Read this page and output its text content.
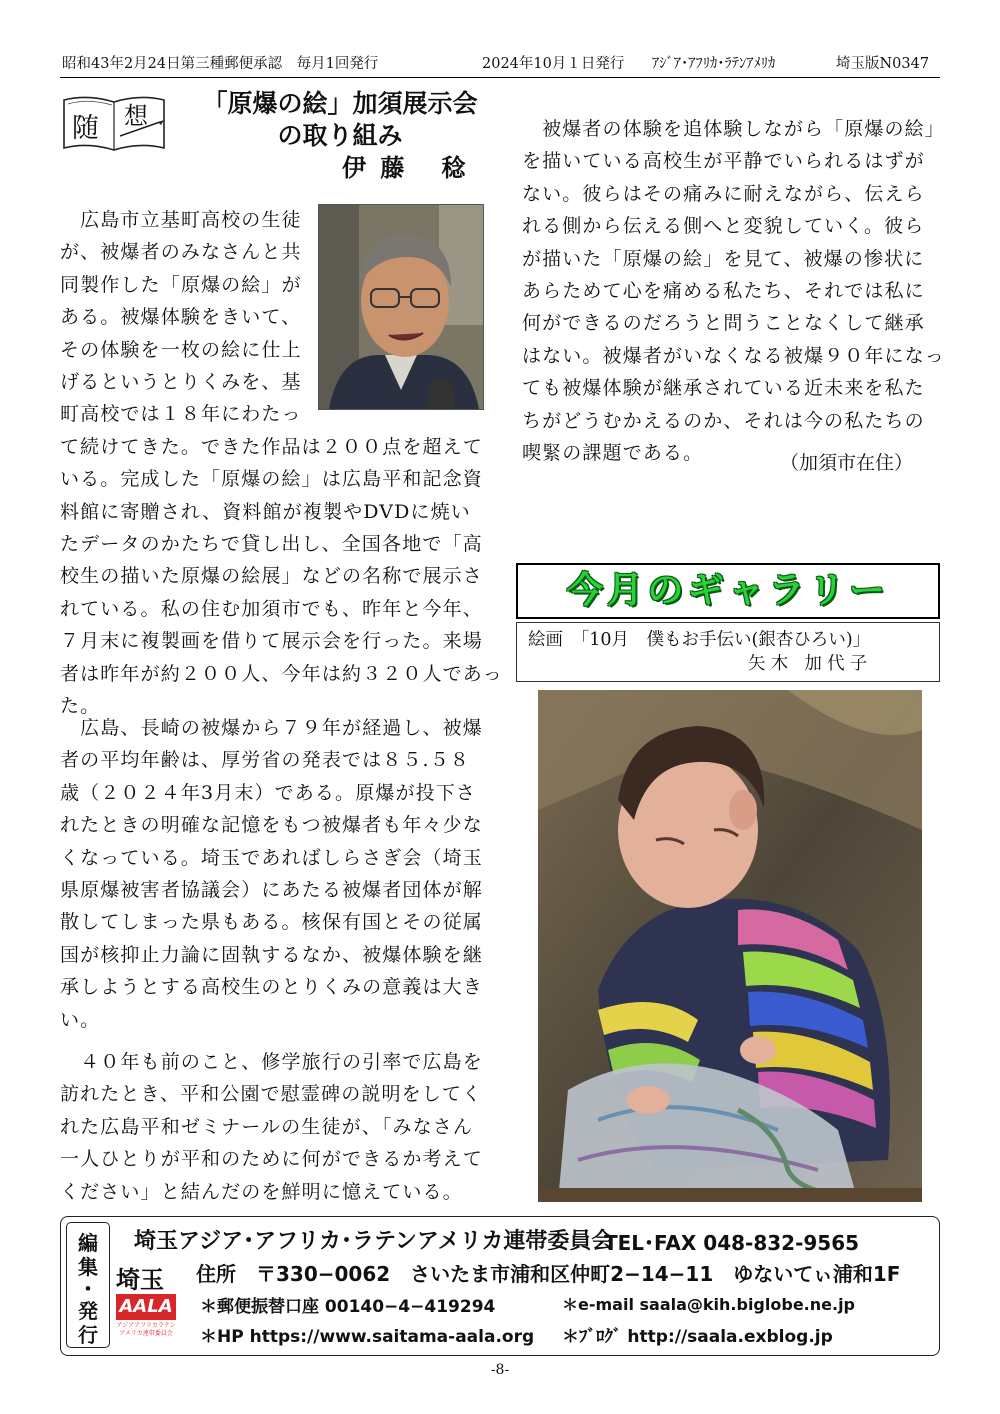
昭和43年2月24日第三種郵便承認　毎月1回発行	2024年10月１日発行 ｱｼﾞｱ･ｱﾌﾘｶ･ﾗﾃﾝｱﾒﾘｶ	埼玉版N0347
随 想	「原爆の絵」加須展示会
の取り組み
伊藤 稔
　広島市立基町高校の生徒
が、被爆者のみなさんと共
同製作した「原爆の絵」が
ある。被爆体験をきいて、
その体験を一枚の絵に仕上
げるというとりくみを、基
町高校では１８年にわたっ
て続けてきた。できた作品は２００点を超えて
いる。完成した「原爆の絵」は広島平和記念資
料館に寄贈され、資料館が複製やDVDに焼い
たデータのかたちで貸し出し、全国各地で「高
校生の描いた原爆の絵展」などの名称で展示さ
れている。私の住む加須市でも、昨年と今年、
７月末に複製画を借りて展示会を行った。来場
者は昨年が約２００人、今年は約３２０人であっ
た。
　広島、長崎の被爆から７９年が経過し、被爆
者の平均年齢は、厚労省の発表では８５.５８
歳（２０２４年3月末）である。原爆が投下さ
れたときの明確な記憶をもつ被爆者も年々少な
くなっている。埼玉であればしらさぎ会（埼玉
県原爆被害者協議会）にあたる被爆者団体が解
散してしまった県もある。核保有国とその従属
国が核抑止力論に固執するなか、被爆体験を継
承しようとする高校生のとりくみの意義は大き
い。
　４０年も前のこと、修学旅行の引率で広島を
訪れたとき、平和公園で慰霊碑の説明をしてく
れた広島平和ゼミナールの生徒が、「みなさん
一人ひとりが平和のために何ができるか考えて
ください」と結んだのを鮮明に憶えている。
　被爆者の体験を追体験しながら「原爆の絵」
を描いている高校生が平静でいられるはずが
ない。彼らはその痛みに耐えながら、伝えら
れる側から伝える側へと変貌していく。彼ら
が描いた「原爆の絵」を見て、被爆の惨状に
あらためて心を痛める私たち、それでは私に
何ができるのだろうと問うことなくして継承
はない。被爆者がいなくなる被爆９０年になっ
ても被爆体験が継承されている近未来を私た
ちがどうむかえるのか、それは今の私たちの
喫緊の課題である。	（加須市在住）
今月のギャラリー
絵画　「10月　僕もお手伝い(銀杏ひろい)」
矢木 加代子
編
集
・
発
行
埼玉
AALA
アジアアフリカラテンアメリカ連帯委員会
埼玉アジア･アフリカ･ラテンアメリカ連帯委員会
TEL･FAX 048-832-9565
住所　〒330−0062　さいたま市浦和区仲町2−14−11　ゆないてぃ浦和1F
＊郵便振替口座 00140−4−419294	＊e-mail saala@kih.biglobe.ne.jp
＊HP https://www.saitama-aala.org ＊ﾌﾞﾛｸﾞ http://saala.exblog.jp
-8-
